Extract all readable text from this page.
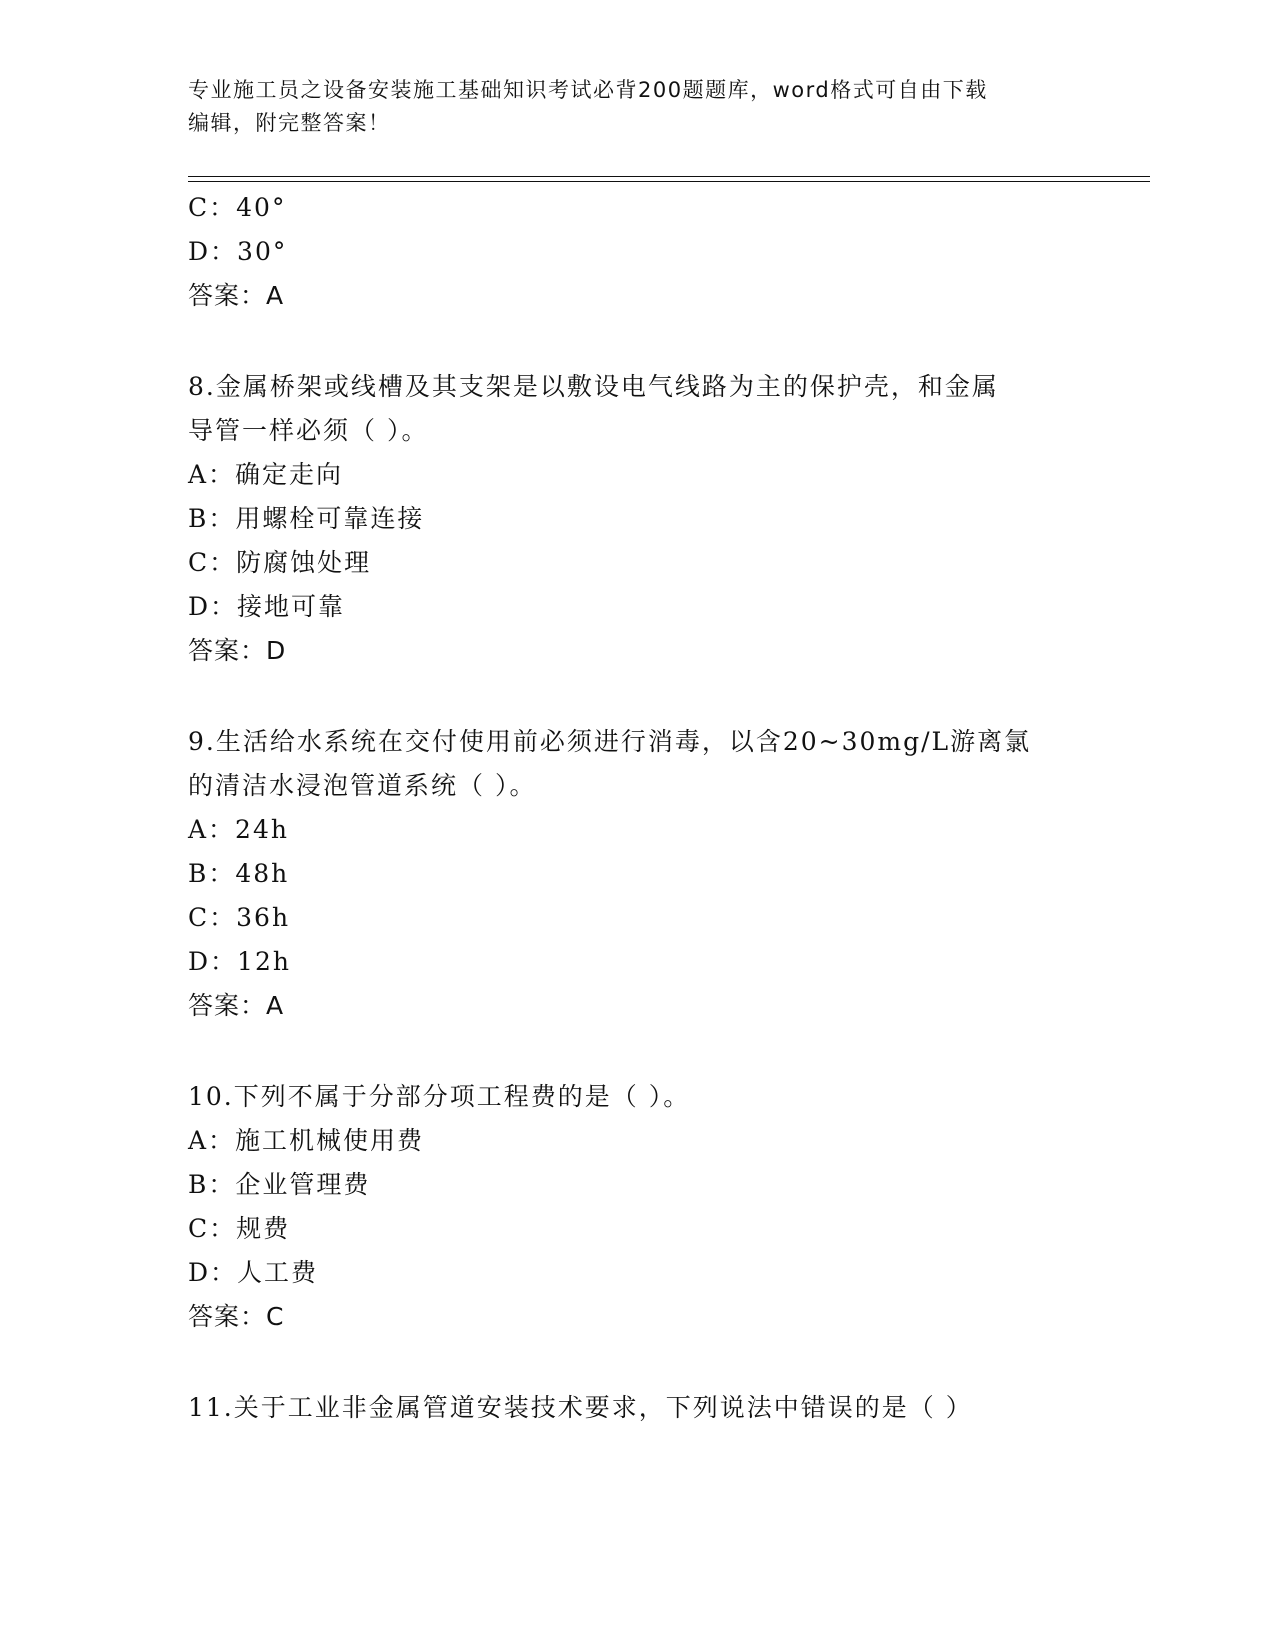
专业施工员之设备安装施工基础知识考试必背200题题库，word格式可自由下载
编辑，附完整答案！
C：40°
D：30°
答案：A
8.金属桥架或线槽及其支架是以敷设电气线路为主的保护壳，和金属
导管一样必须（ ）。
A：确定走向
B：用螺栓可靠连接
C：防腐蚀处理
D：接地可靠
答案：D
9.生活给水系统在交付使用前必须进行消毒，以含20~30mg/L游离氯
的清洁水浸泡管道系统（ ）。
A：24h
B：48h
C：36h
D：12h
答案：A
10.下列不属于分部分项工程费的是（ ）。
A：施工机械使用费
B：企业管理费
C：规费
D：人工费
答案：C
11.关于工业非金属管道安装技术要求，下列说法中错误的是（ ）
